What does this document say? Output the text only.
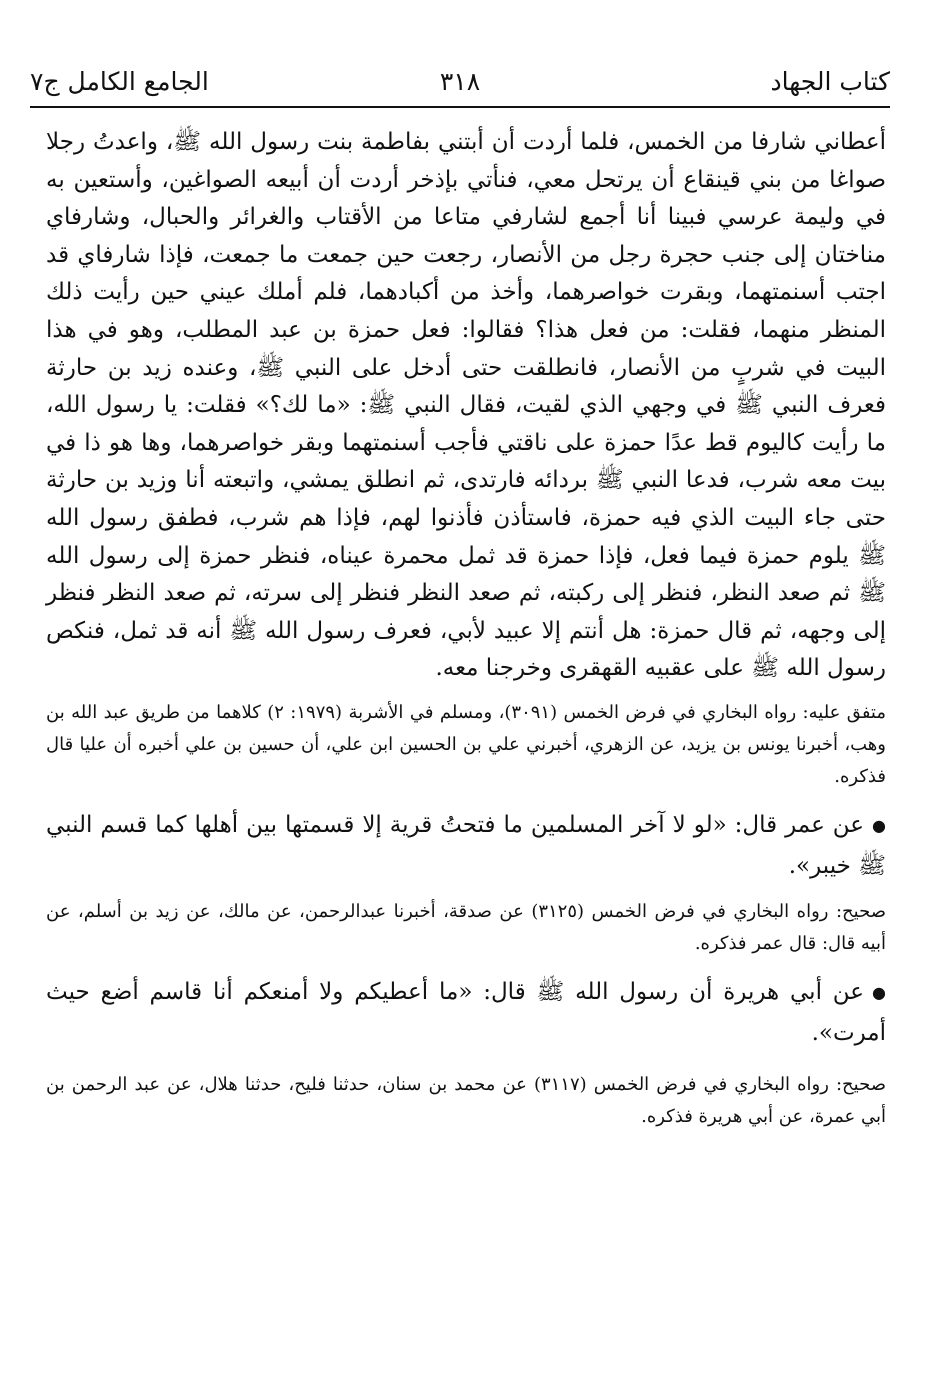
كتاب الجهاد
٣١٨
الجامع الكامل ج٧

أعطاني شارفا من الخمس، فلما أردت أن أبتني بفاطمة بنت رسول الله ﷺ، واعدتُ رجلا صواغا من بني قينقاع أن يرتحل معي، فنأتي بإذخر أردت أن أبيعه الصواغين، وأستعين به في وليمة عرسي فبينا أنا أجمع لشارفي متاعا من الأقتاب والغرائر والحبال، وشارفاي مناختان إلى جنب حجرة رجل من الأنصار، رجعت حين جمعت ما جمعت، فإذا شارفاي قد اجتب أسنمتهما، وبقرت خواصرهما، وأخذ من أكبادهما، فلم أملك عيني حين رأيت ذلك المنظر منهما، فقلت: من فعل هذا؟ فقالوا: فعل حمزة بن عبد المطلب، وهو في هذا البيت في شربٍ من الأنصار، فانطلقت حتى أدخل على النبي ﷺ، وعنده زيد بن حارثة فعرف النبي ﷺ في وجهي الذي لقيت، فقال النبي ﷺ: «ما لك؟» فقلت: يا رسول الله، ما رأيت كاليوم قط عدًا حمزة على ناقتي فأجب أسنمتهما وبقر خواصرهما، وها هو ذا في بيت معه شرب، فدعا النبي ﷺ بردائه فارتدى، ثم انطلق يمشي، واتبعته أنا وزيد بن حارثة حتى جاء البيت الذي فيه حمزة، فاستأذن فأذنوا لهم، فإذا هم شرب، فطفق رسول الله ﷺ يلوم حمزة فيما فعل، فإذا حمزة قد ثمل محمرة عيناه، فنظر حمزة إلى رسول الله ﷺ ثم صعد النظر، فنظر إلى ركبته، ثم صعد النظر فنظر إلى سرته، ثم صعد النظر فنظر إلى وجهه، ثم قال حمزة: هل أنتم إلا عبيد لأبي، فعرف رسول الله ﷺ أنه قد ثمل، فنكص رسول الله ﷺ على عقبيه القهقرى وخرجنا معه.

متفق عليه: رواه البخاري في فرض الخمس (٣٠٩١)، ومسلم في الأشربة (١٩٧٩: ٢) كلاهما من طريق عبد الله بن وهب، أخبرنا يونس بن يزيد، عن الزهري، أخبرني علي بن الحسين ابن علي، أن حسين بن علي أخبره أن عليا قال فذكره.

●عن عمر قال: «لو لا آخر المسلمين ما فتحتُ قرية إلا قسمتها بين أهلها كما قسم النبي ﷺ خيبر».

صحيح: رواه البخاري في فرض الخمس (٣١٢٥) عن صدقة، أخبرنا عبدالرحمن، عن مالك، عن زيد بن أسلم، عن أبيه قال: قال عمر فذكره.

●عن أبي هريرة أن رسول الله ﷺ قال: «ما أعطيكم ولا أمنعكم أنا قاسم أضع حيث أمرت».

صحيح: رواه البخاري في فرض الخمس (٣١١٧) عن محمد بن سنان، حدثنا فليح، حدثنا هلال، عن عبد الرحمن بن أبي عمرة، عن أبي هريرة فذكره.
